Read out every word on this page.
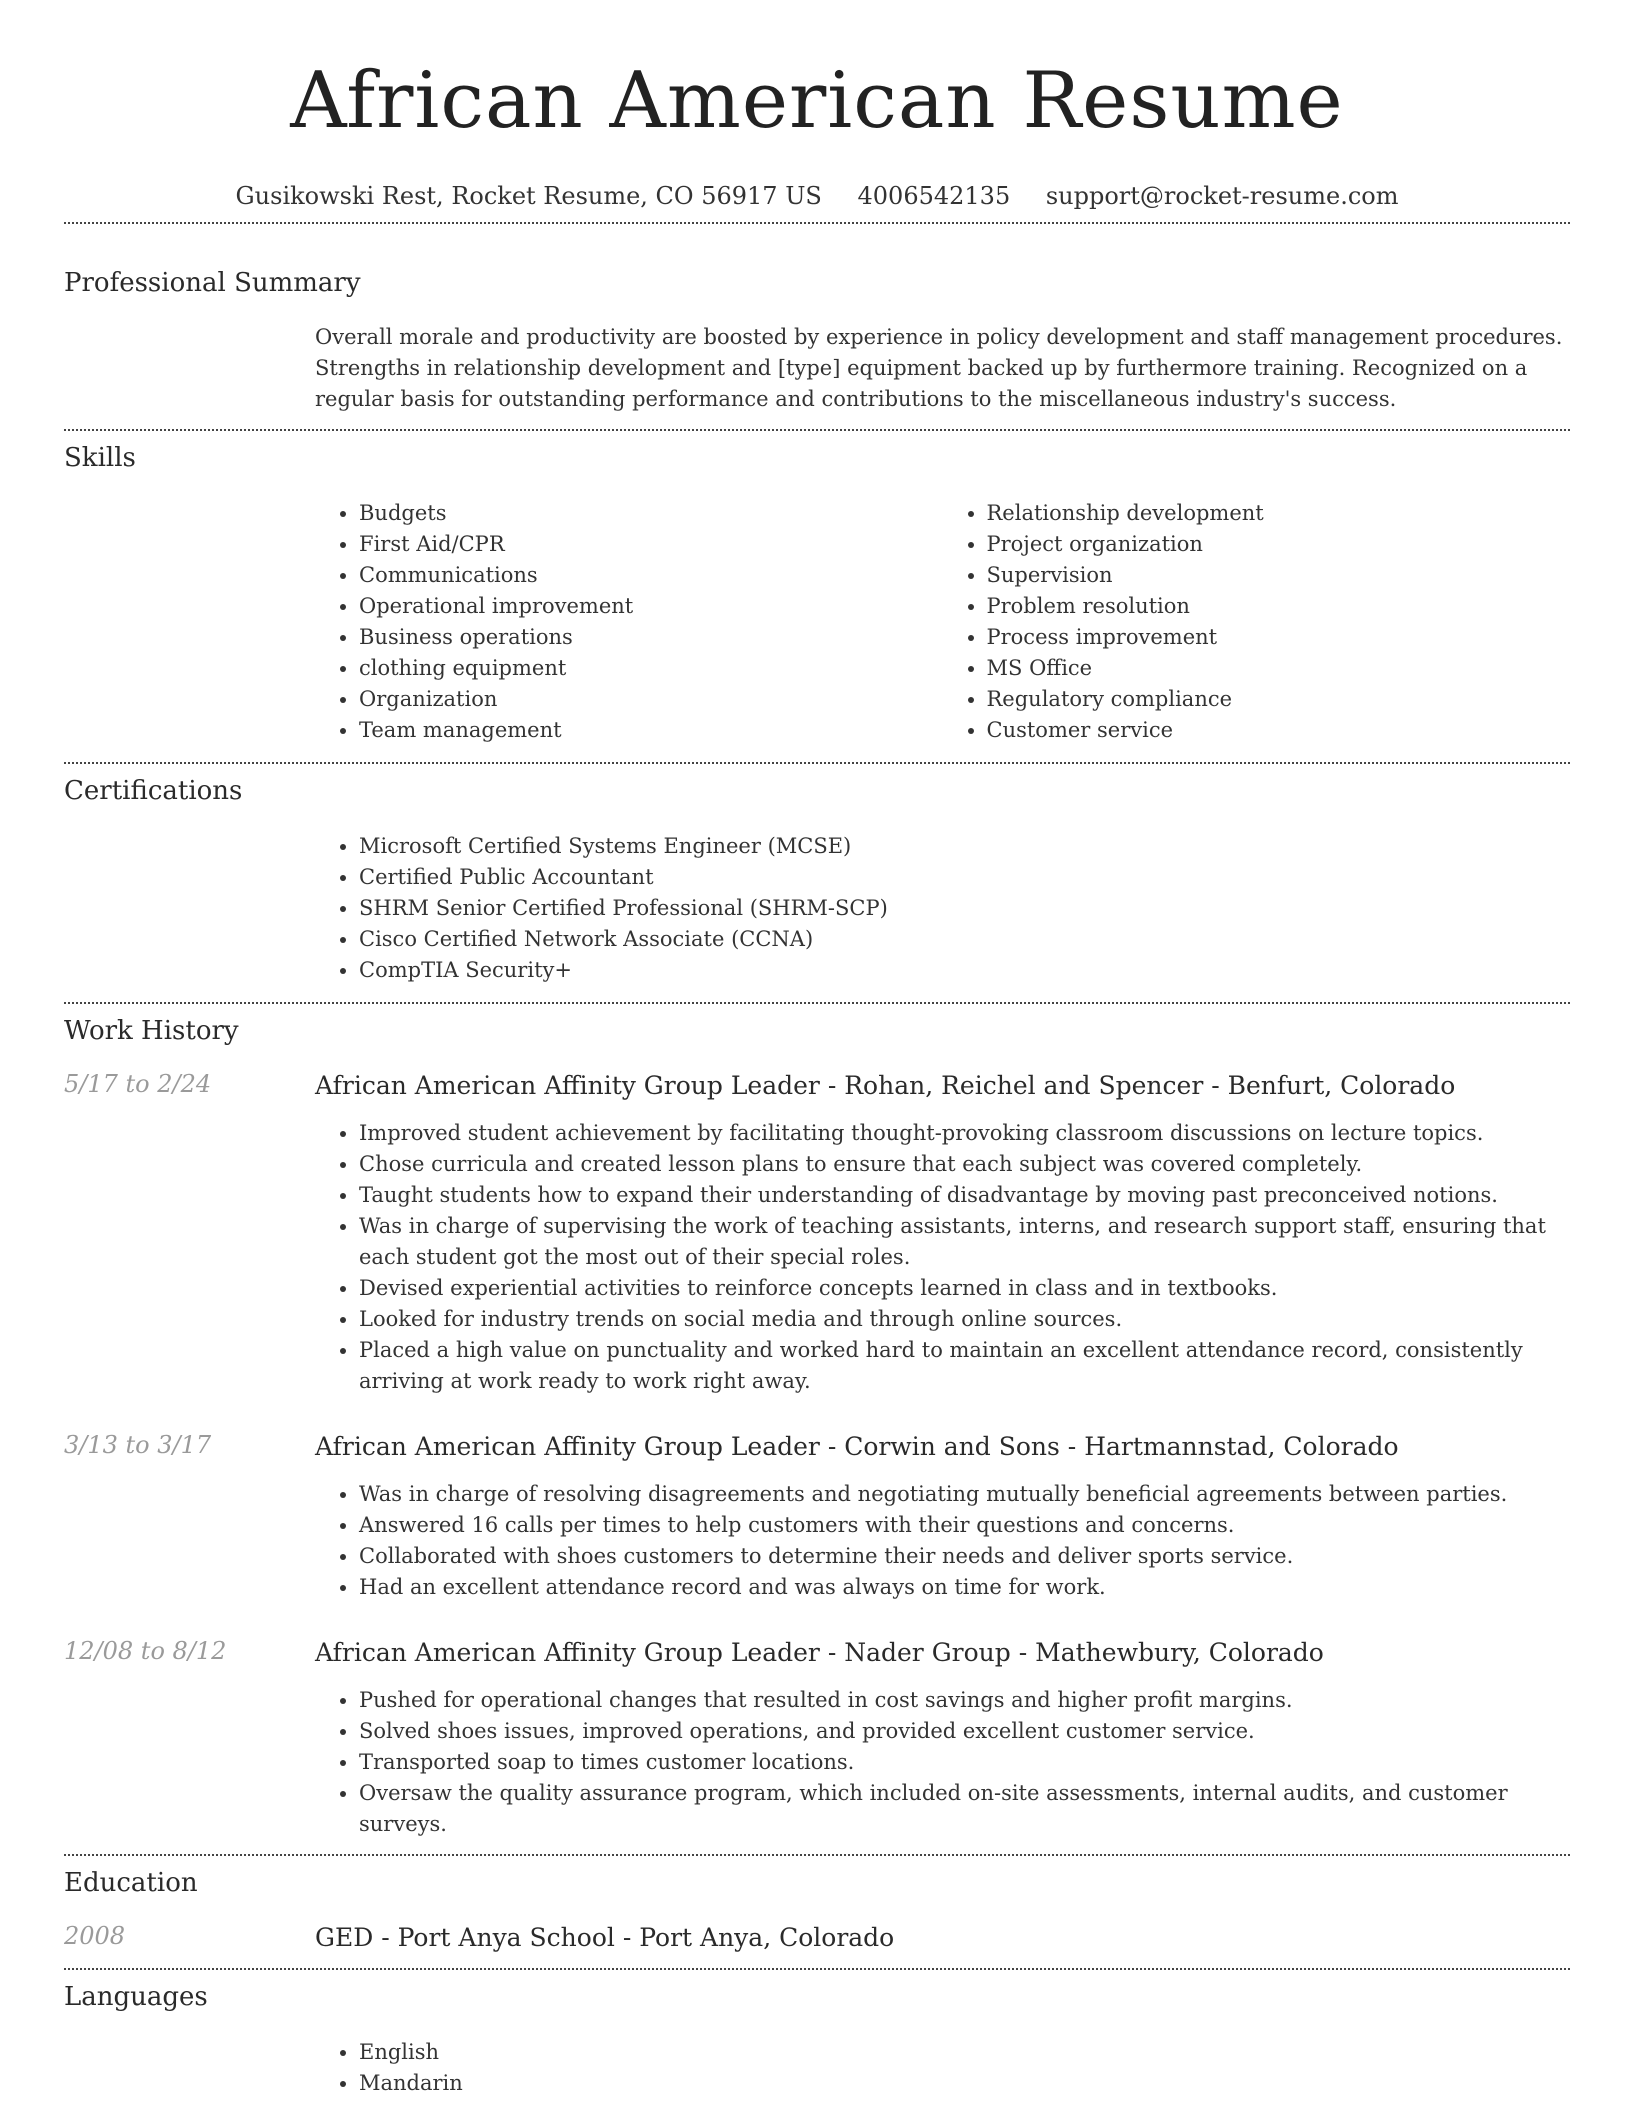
African American Resume
Gusikowski Rest, Rocket Resume, CO 56917 US 4006542135 support@rocket-resume.com
Professional Summary

Overall morale and productivity are boosted by experience in policy development and staff management procedures. Strengths in relationship development and [type] equipment backed up by furthermore training. Recognized on a regular basis for outstanding performance and contributions to the miscellaneous industry's success.

Skills
• Budgets
• First Aid/CPR
• Communications
• Operational improvement
• Business operations
• clothing equipment
• Organization
• Team management
• Relationship development
• Project organization
• Supervision
• Problem resolution
• Process improvement
• MS Office
• Regulatory compliance
• Customer service
Certifications
• Microsoft Certified Systems Engineer (MCSE)
• Certified Public Accountant
• SHRM Senior Certified Professional (SHRM-SCP)
• Cisco Certified Network Associate (CCNA)
• CompTIA Security+
Work History
5/17 to 2/24	African American Affinity Group Leader - Rohan, Reichel and Spencer - Benfurt, Colorado
• Improved student achievement by facilitating thought-provoking classroom discussions on lecture topics.
• Chose curricula and created lesson plans to ensure that each subject was covered completely.
• Taught students how to expand their understanding of disadvantage by moving past preconceived notions.
• Was in charge of supervising the work of teaching assistants, interns, and research support staff, ensuring that each student got the most out of their special roles.
• Devised experiential activities to reinforce concepts learned in class and in textbooks.
• Looked for industry trends on social media and through online sources.
• Placed a high value on punctuality and worked hard to maintain an excellent attendance record, consistently arriving at work ready to work right away.
3/13 to 3/17	African American Affinity Group Leader - Corwin and Sons - Hartmannstad, Colorado
• Was in charge of resolving disagreements and negotiating mutually beneficial agreements between parties.
• Answered 16 calls per times to help customers with their questions and concerns.
• Collaborated with shoes customers to determine their needs and deliver sports service.
• Had an excellent attendance record and was always on time for work.
12/08 to 8/12	African American Affinity Group Leader - Nader Group - Mathewbury, Colorado
• Pushed for operational changes that resulted in cost savings and higher profit margins.
• Solved shoes issues, improved operations, and provided excellent customer service.
• Transported soap to times customer locations.
• Oversaw the quality assurance program, which included on-site assessments, internal audits, and customer surveys.
Education
2008	GED - Port Anya School - Port Anya, Colorado
Languages
• English
• Mandarin
